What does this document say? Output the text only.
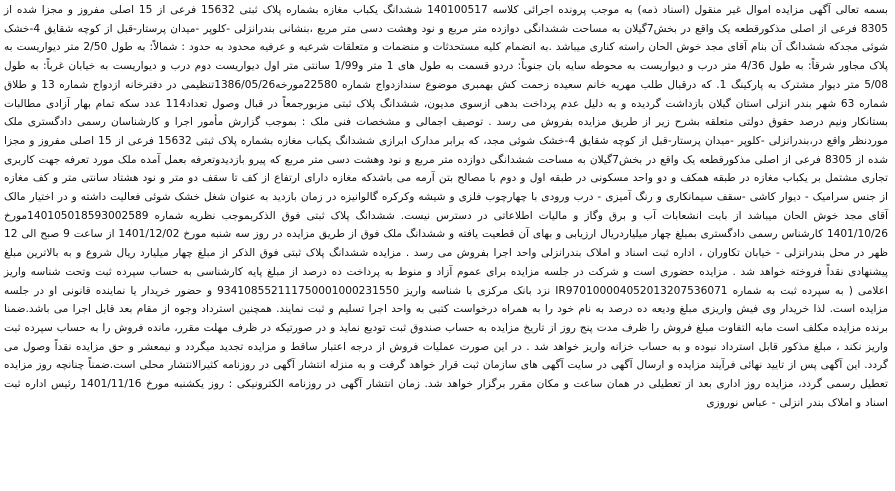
بسمه تعالی آگهی مزایده اموال غیر منقول (اسناد ذمه) به موجب پرونده اجرائی کلاسه 140100517 ششدانگ یکباب مغازه بشماره پلاک ثبتی 15632 فرعی از 15 اصلی مفروز و مجزا شده از 8305 فرعی از اصلی مذکورقطعه یک واقع در بخش7گیلان به مساحت ششدانگی دوازده متر مربع و نود وهشت دسی متر مربع ،بنشانی بندرانزلی -کلوپر -میدان پرستار-قبل از کوچه شقایق 4-خشک شوئی مجدکه ششدانگ آن بنام آقای مجد خوش الحان راسته کناری میباشد .به انضمام کلیه مستحدثات و منضمات و متعلقات شرعیه و عرفیه محدود به حدود : شمالاً: به طول 2/50 متر دیواریست به پلاک مجاور شرقاً: به طول 4/36 متر درب و دیواریست به محوطه سایه بان جنوباً: دردو قسمت به طول های 1 متر و1/99 سانتی متر اول دیواریست دوم درب و دیواریست به خیابان غرباً: به طول 5/08 متر دیوار مشترک به پارکینگ 1. که درقبال طلب مهریه خانم سعیده زحمت کش بهمبری موضوع سندازدواج شماره 22580مورخه1386/05/26تنظیمی در دفترخانه ازدواج شماره 13 و طلاق شماره 63 شهر بندر انزلی استان گیلان بازداشت گردیده و به دلیل عدم پرداخت بدهی ازسوی مدیون، ششدانگ پلاک ثبتی مزبورجمعاً در قبال وصول تعداد114 عدد سکه تمام بهار آزادی مطالبات بستانکار ونیم درصد حقوق دولتی متعلقه بشرح زیر از طریق مزایده بفروش می رسد . توصیف اجمالی و مشخصات فنی ملک : بموجب گزارش مأمور اجرا و کارشناسان رسمی دادگستری ملک موردنظر واقع در،بندرانزلی -کلوپر -میدان پرستار-قبل از کوچه شقایق 4-خشک شوئی مجد، که برابر مدارک ابرازی ششدانگ یکباب مغازه بشماره پلاک ثبتی 15632 فرعی از 15 اصلی مفروز و مجزا شده از 8305 فرعی از اصلی مذکورقطعه یک واقع در بخش7گیلان به مساحت ششدانگی دوازده متر مربع و نود وهشت دسی متر مربع که پیرو بازدیدوتعرفه بعمل آمده ملک مورد تعرفه جهت کاربری تجاری مشتمل بر یکباب مغازه در طبقه همکف و دو واحد مسکونی در طبقه اول و دوم با مصالح بتن آرمه می باشدکه مغازه دارای ارتفاع از کف تا سقف دو متر و نود هشتاد سانتی متر و کف مغازه از جنس سرامیک - دیوار کاشی -سقف سیمانکاری و رنگ آمیزی - درب ورودی با چهارچوب فلزی و شیشه وکرکره گالوانیزه در زمان بازدید به عنوان شغل خشک شوئی فعالیت داشته و در اختیار مالک آقای مجد خوش الحان میباشد از بابت انشعابات آب و برق وگاز و مالیات اطلاعاتی در دسترس نیست. ششدانگ پلاک ثبتی فوق الذکربموجب نظریه شماره 140105018593002589مورخ 1401/10/26 کارشناس رسمی دادگستری بمبلغ چهار میلیاردریال ارزیابی و بهای آن قطعیت یافته و ششدانگ ملک فوق از طریق مزایده در روز سه شنبه مورخ 1401/12/02 از ساعت 9 صبح الی 12 ظهر در محل بندرانزلی - خیابان تکاوران ، اداره ثبت اسناد و املاک بندرانزلی واحد اجرا بفروش می رسد . مزایده ششدانگ پلاک ثبتی فوق الذکر از مبلغ چهار میلیارد ریال شروع و به بالاترین مبلغ پیشنهادی نقداً فروخته خواهد شد . مزایده حضوری است و شرکت در جلسه مزایده برای عموم آزاد و منوط به پرداخت ده درصد از مبلغ پایه کارشناسی به حساب سپرده ثبت وتحت شناسه واریز اعلامی ( به سپرده ثبت به شماره IR970100004052013207536071 نزد بانک مرکزی با شناسه واریز 934108552111750001000231550 و حضور خریدار یا نماینده قانونی او در جلسه مزایده است. لذا خریدار وی فیش واریزی مبلغ ودیعه ده درصد به نام خود را به همراه درخواست کتبی به واحد اجرا تسلیم و ثبت نمایند. همچنین استرداد وجوه از مقام بعد قابل اجرا می باشد.ضمنا برنده مزایده مکلف است مابه التفاوت مبلغ فروش را ظرف مدت پنج روز از تاریخ مزایده به حساب صندوق ثبت تودیع نماید و در صورتیکه در ظرف مهلت مقرر، مانده فروش را به حساب سپرده ثبت واریز نکند ، مبلغ مذکور قابل استرداد نبوده و به حساب خزانه واریز خواهد شد . در این صورت عملیات فروش از درجه اعتبار ساقط و مزایده تجدید میگردد و نیمعشر و حق مزایده نقداً وصول می گردد. این آگهی پس از تایید نهائی فرآیند مزایده و ارسال آگهی در سایت آگهی های سازمان ثبت قرار خواهد گرفت و به منزله انتشار آگهی در روزنامه کثیرالانتشار محلی است.ضمناً چنانچه روز مزایده تعطیل رسمی گردد، مزایده روز اداری بعد از تعطیلی در همان ساعت و مکان مقرر برگزار خواهد شد. زمان انتشار آگهی در روزنامه الکترونیکی : روز یکشنبه مورخ 1401/11/16 رئیس اداره ثبت اسناد و املاک بندر انزلی - عباس نوروزی
